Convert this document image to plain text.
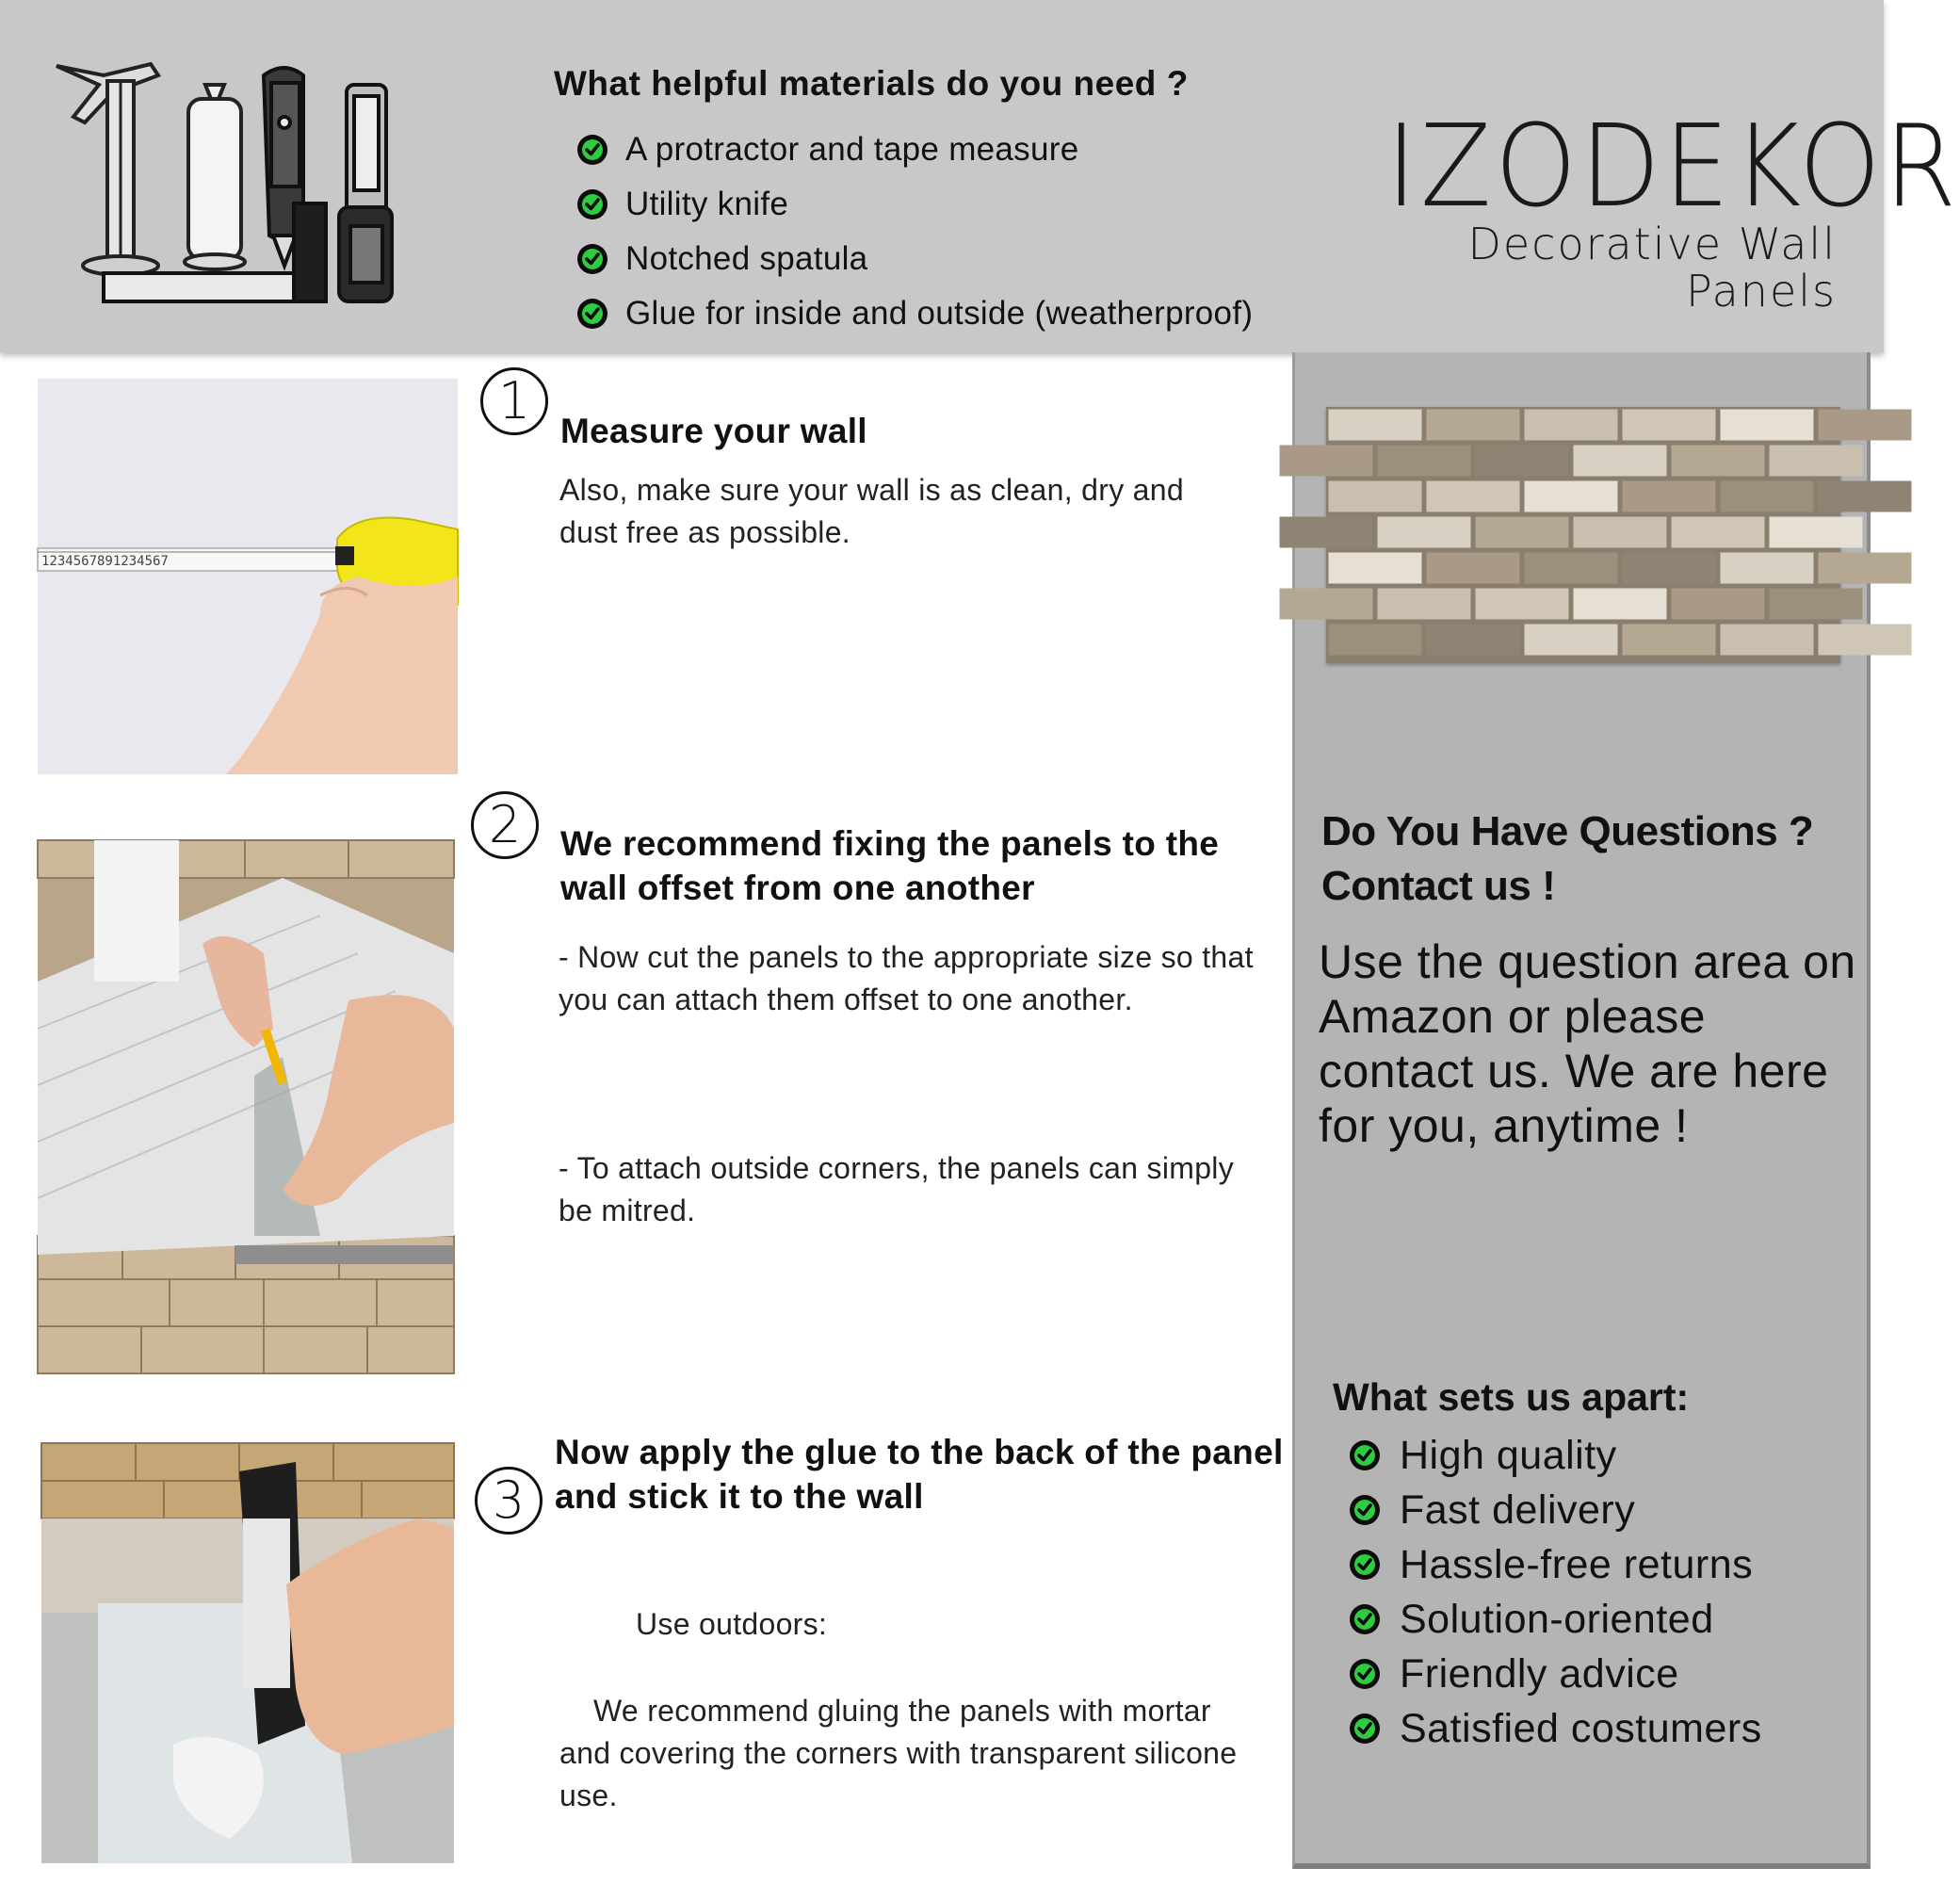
What helpful materials do you need ?
A protractor and tape measure
Utility knife
Notched spatula
Glue for inside and outside (weatherproof)
IZODEKOR
Decorative Wall Panels
Do You Have Questions ?
Contact us !
Use the question area on Amazon or please contact us. We are here for you, anytime !
What sets us apart:
High quality
Fast delivery
Hassle-free returns
Solution-oriented
Friendly advice
Satisfied costumers
1234567891234567
1
Measure your wall
Also, make sure your wall is as clean, dry and dust free as possible.
2	We recommend fixing the panels to the wall offset from one another
- Now cut the panels to the appropriate size so that you can attach them offset to one another.
- To attach outside corners, the panels can simply be mitred.
3
Now apply the glue to the back of the panel and stick it to the wall
Use outdoors:
We recommend gluing the panels with mortar and covering the corners with transparent silicone use.
